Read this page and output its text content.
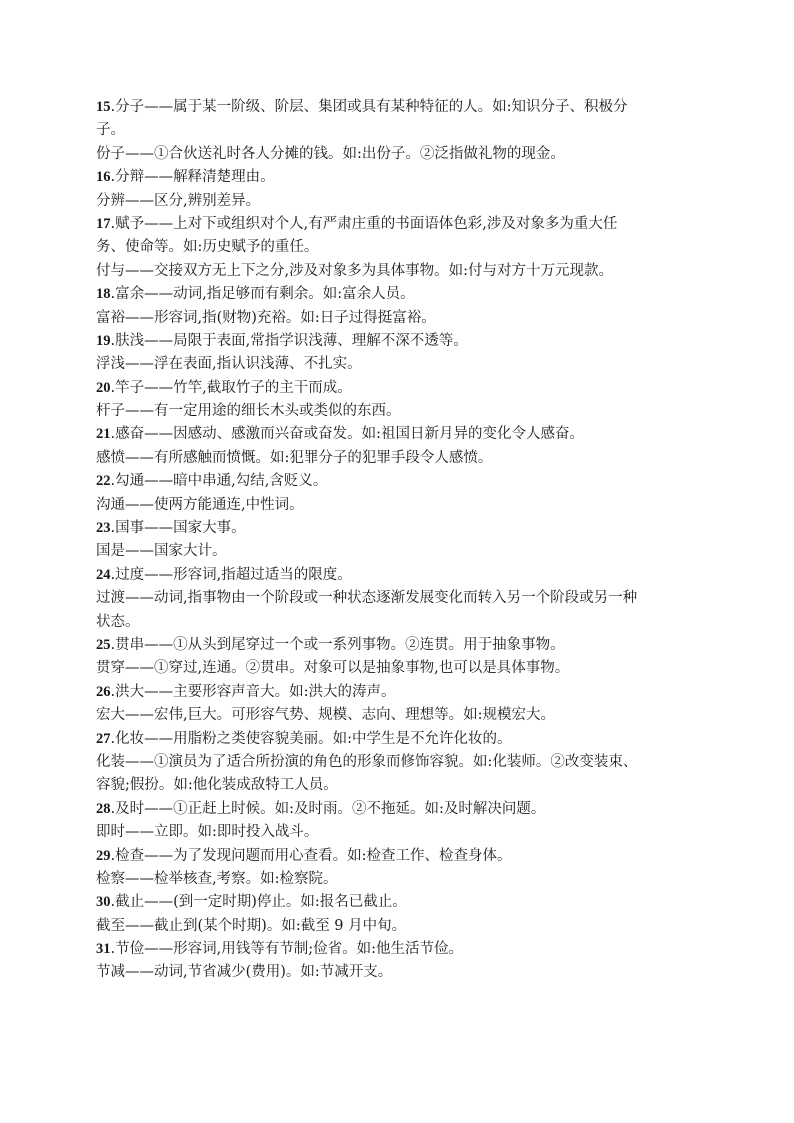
15.分子——属于某一阶级、阶层、集团或具有某种特征的人。如:知识分子、积极分
子。
份子——①合伙送礼时各人分摊的钱。如:出份子。②泛指做礼物的现金。
16.分辩——解释清楚理由。
分辨——区分,辨别差异。
17.赋予——上对下或组织对个人,有严肃庄重的书面语体色彩,涉及对象多为重大任
务、使命等。如:历史赋予的重任。
付与——交接双方无上下之分,涉及对象多为具体事物。如:付与对方十万元现款。
18.富余——动词,指足够而有剩余。如:富余人员。
富裕——形容词,指(财物)充裕。如:日子过得挺富裕。
19.肤浅——局限于表面,常指学识浅薄、理解不深不透等。
浮浅——浮在表面,指认识浅薄、不扎实。
20.竿子——竹竿,截取竹子的主干而成。
杆子——有一定用途的细长木头或类似的东西。
21.感奋——因感动、感激而兴奋或奋发。如:祖国日新月异的变化令人感奋。
感愤——有所感触而愤慨。如:犯罪分子的犯罪手段令人感愤。
22.勾通——暗中串通,勾结,含贬义。
沟通——使两方能通连,中性词。
23.国事——国家大事。
国是——国家大计。
24.过度——形容词,指超过适当的限度。
过渡——动词,指事物由一个阶段或一种状态逐渐发展变化而转入另一个阶段或另一种
状态。
25.贯串——①从头到尾穿过一个或一系列事物。②连贯。用于抽象事物。
贯穿——①穿过,连通。②贯串。对象可以是抽象事物,也可以是具体事物。
26.洪大——主要形容声音大。如:洪大的涛声。
宏大——宏伟,巨大。可形容气势、规模、志向、理想等。如:规模宏大。
27.化妆——用脂粉之类使容貌美丽。如:中学生是不允许化妆的。
化装——①演员为了适合所扮演的角色的形象而修饰容貌。如:化装师。②改变装束、
容貌;假扮。如:他化装成敌特工人员。
28.及时——①正赶上时候。如:及时雨。②不拖延。如:及时解决问题。
即时——立即。如:即时投入战斗。
29.检查——为了发现问题而用心查看。如:检查工作、检查身体。
检察——检举核查,考察。如:检察院。
30.截止——(到一定时期)停止。如:报名已截止。
截至——截止到(某个时期)。如:截至 9 月中旬。
31.节俭——形容词,用钱等有节制;俭省。如:他生活节俭。
节减——动词,节省减少(费用)。如:节减开支。
